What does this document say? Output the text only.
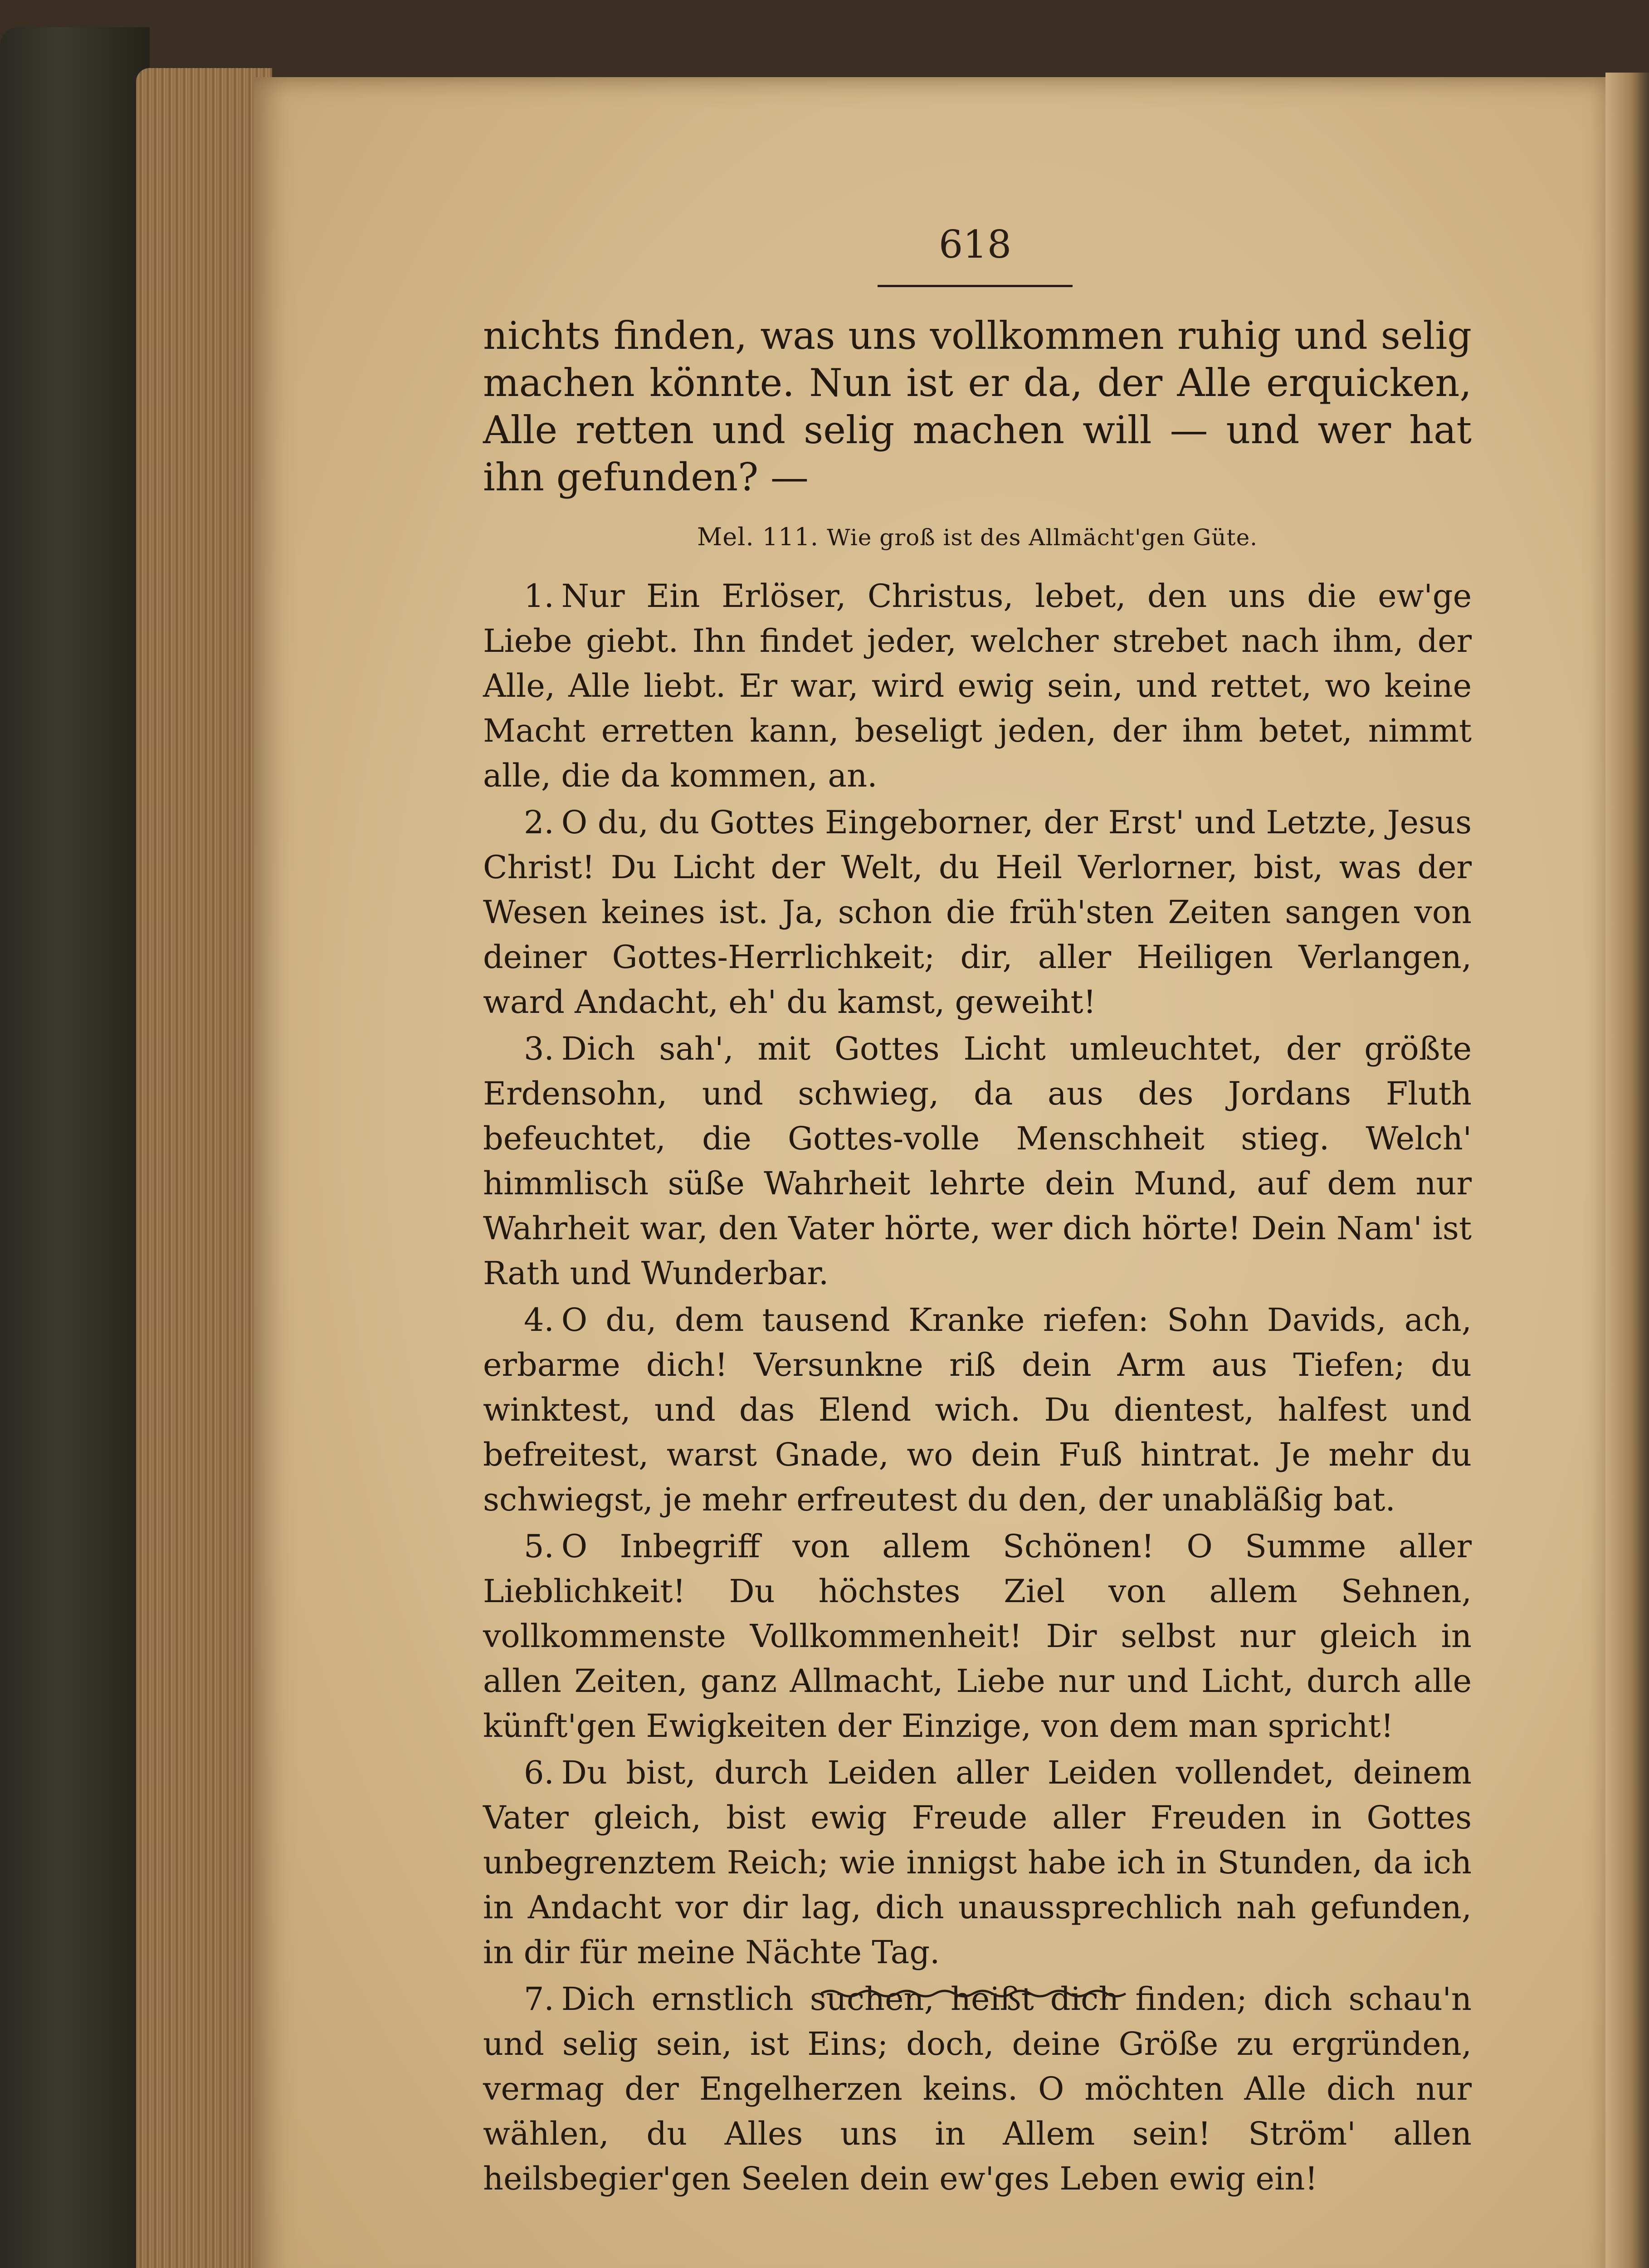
618

nichts finden, was uns vollkommen ruhig und selig machen könnte. Nun ist er da, der Alle erquicken, Alle retten und selig machen will — und wer hat ihn gefunden? —

Mel. 111. Wie groß ist des Allmächt'gen Güte.

1. Nur Ein Erlöser, Christus, lebet, den uns die ew'ge Liebe giebt. Ihn findet jeder, welcher strebet nach ihm, der Alle, Alle liebt. Er war, wird ewig sein, und rettet, wo keine Macht erretten kann, beseligt jeden, der ihm betet, nimmt alle, die da kommen, an.

2. O du, du Gottes Eingeborner, der Erst' und Letzte, Jesus Christ! Du Licht der Welt, du Heil Verlorner, bist, was der Wesen keines ist. Ja, schon die früh'sten Zeiten sangen von deiner Gottes-Herrlichkeit; dir, aller Heiligen Verlangen, ward Andacht, eh' du kamst, geweiht!

3. Dich sah', mit Gottes Licht umleuchtet, der größte Erdensohn, und schwieg, da aus des Jordans Fluth befeuchtet, die Gottes-volle Menschheit stieg. Welch' himmlisch süße Wahrheit lehrte dein Mund, auf dem nur Wahrheit war, den Vater hörte, wer dich hörte! Dein Nam' ist Rath und Wunderbar.

4. O du, dem tausend Kranke riefen: Sohn Davids, ach, erbarme dich! Versunkne riß dein Arm aus Tiefen; du winktest, und das Elend wich. Du dientest, halfest und befreitest, warst Gnade, wo dein Fuß hintrat. Je mehr du schwiegst, je mehr erfreutest du den, der unabläßig bat.

5. O Inbegriff von allem Schönen! O Summe aller Lieblichkeit! Du höchstes Ziel von allem Sehnen, vollkommenste Vollkommenheit! Dir selbst nur gleich in allen Zeiten, ganz Allmacht, Liebe nur und Licht, durch alle künft'gen Ewigkeiten der Einzige, von dem man spricht!

6. Du bist, durch Leiden aller Leiden vollendet, deinem Vater gleich, bist ewig Freude aller Freuden in Gottes unbegrenztem Reich; wie innigst habe ich in Stunden, da ich in Andacht vor dir lag, dich unaussprechlich nah gefunden, in dir für meine Nächte Tag.

7. Dich ernstlich suchen, heißt dich finden; dich schau'n und selig sein, ist Eins; doch, deine Größe zu ergründen, vermag der Engelherzen keins. O möchten Alle dich nur wählen, du Alles uns in Allem sein! Ström' allen heilsbegier'gen Seelen dein ew'ges Leben ewig ein!
